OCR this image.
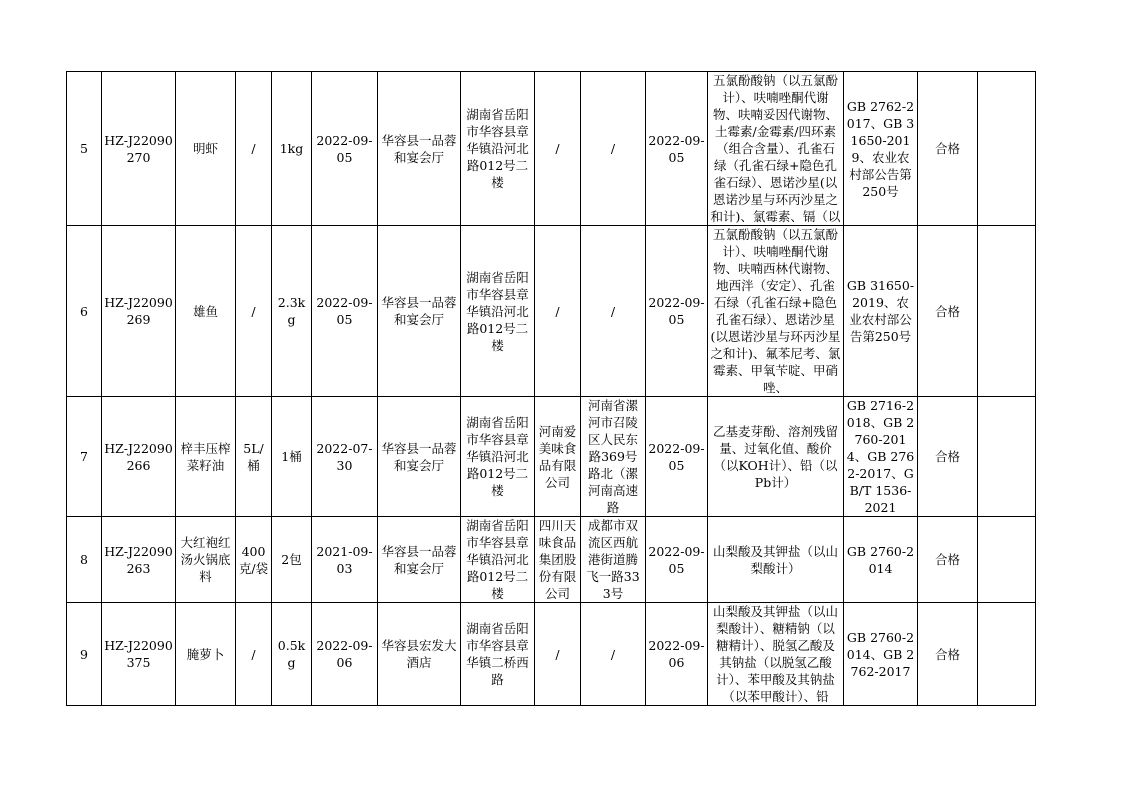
5	HZ-J22090270	明虾	/	1kg	2022-09-05	华容县一品蓉和宴会厅	湖南省岳阳市华容县章华镇沿河北路012号二楼	/	/	2022-09-05	五氯酚酸钠（以五氯酚计）、呋喃唑酮代谢物、呋喃妥因代谢物、土霉素/金霉素/四环素（组合含量）、孔雀石绿（孔雀石绿+隐色孔雀石绿）、恩诺沙星(以恩诺沙星与环丙沙星之和计)、氯霉素、镉（以	GB 2762-2017、GB 31650-2019、农业农村部公告第250号	合格	

6	HZ-J22090269	雄鱼	/	2.3kg	2022-09-05	华容县一品蓉和宴会厅	湖南省岳阳市华容县章华镇沿河北路012号二楼	/	/	2022-09-05	五氯酚酸钠（以五氯酚计）、呋喃唑酮代谢物、呋喃西林代谢物、地西泮（安定）、孔雀石绿（孔雀石绿+隐色孔雀石绿）、恩诺沙星(以恩诺沙星与环丙沙星之和计)、氟苯尼考、氯霉素、甲氧苄啶、甲硝唑、	GB 31650-2019、农业农村部公告第250号	合格	

7	HZ-J22090266	梓丰压榨菜籽油	5L/桶	1桶	2022-07-30	华容县一品蓉和宴会厅	湖南省岳阳市华容县章华镇沿河北路012号二楼	河南爱美味食品有限公司	河南省漯河市召陵区人民东路369号路北（漯河南高速路	2022-09-05	乙基麦芽酚、溶剂残留量、过氧化值、酸价（以KOH计）、铅（以Pb计）	GB 2716-2018、GB 2760-2014、GB 2762-2017、GB/T 1536-2021	合格	

8	HZ-J22090263	大红袍红汤火锅底料	400克/袋	2包	2021-09-03	华容县一品蓉和宴会厅	湖南省岳阳市华容县章华镇沿河北路012号二楼	四川天味食品集团股份有限公司	成都市双流区西航港街道腾飞一路333号	2022-09-05	山梨酸及其钾盐（以山梨酸计）	GB 2760-2014	合格	

9	HZ-J22090375	腌萝卜	/	0.5kg	2022-09-06	华容县宏发大酒店	湖南省岳阳市华容县章华镇二桥西路	/	/	2022-09-06	山梨酸及其钾盐（以山梨酸计）、糖精钠（以糖精计）、脱氢乙酸及其钠盐（以脱氢乙酸计）、苯甲酸及其钠盐（以苯甲酸计）、铅	GB 2760-2014、GB 2762-2017	合格	
